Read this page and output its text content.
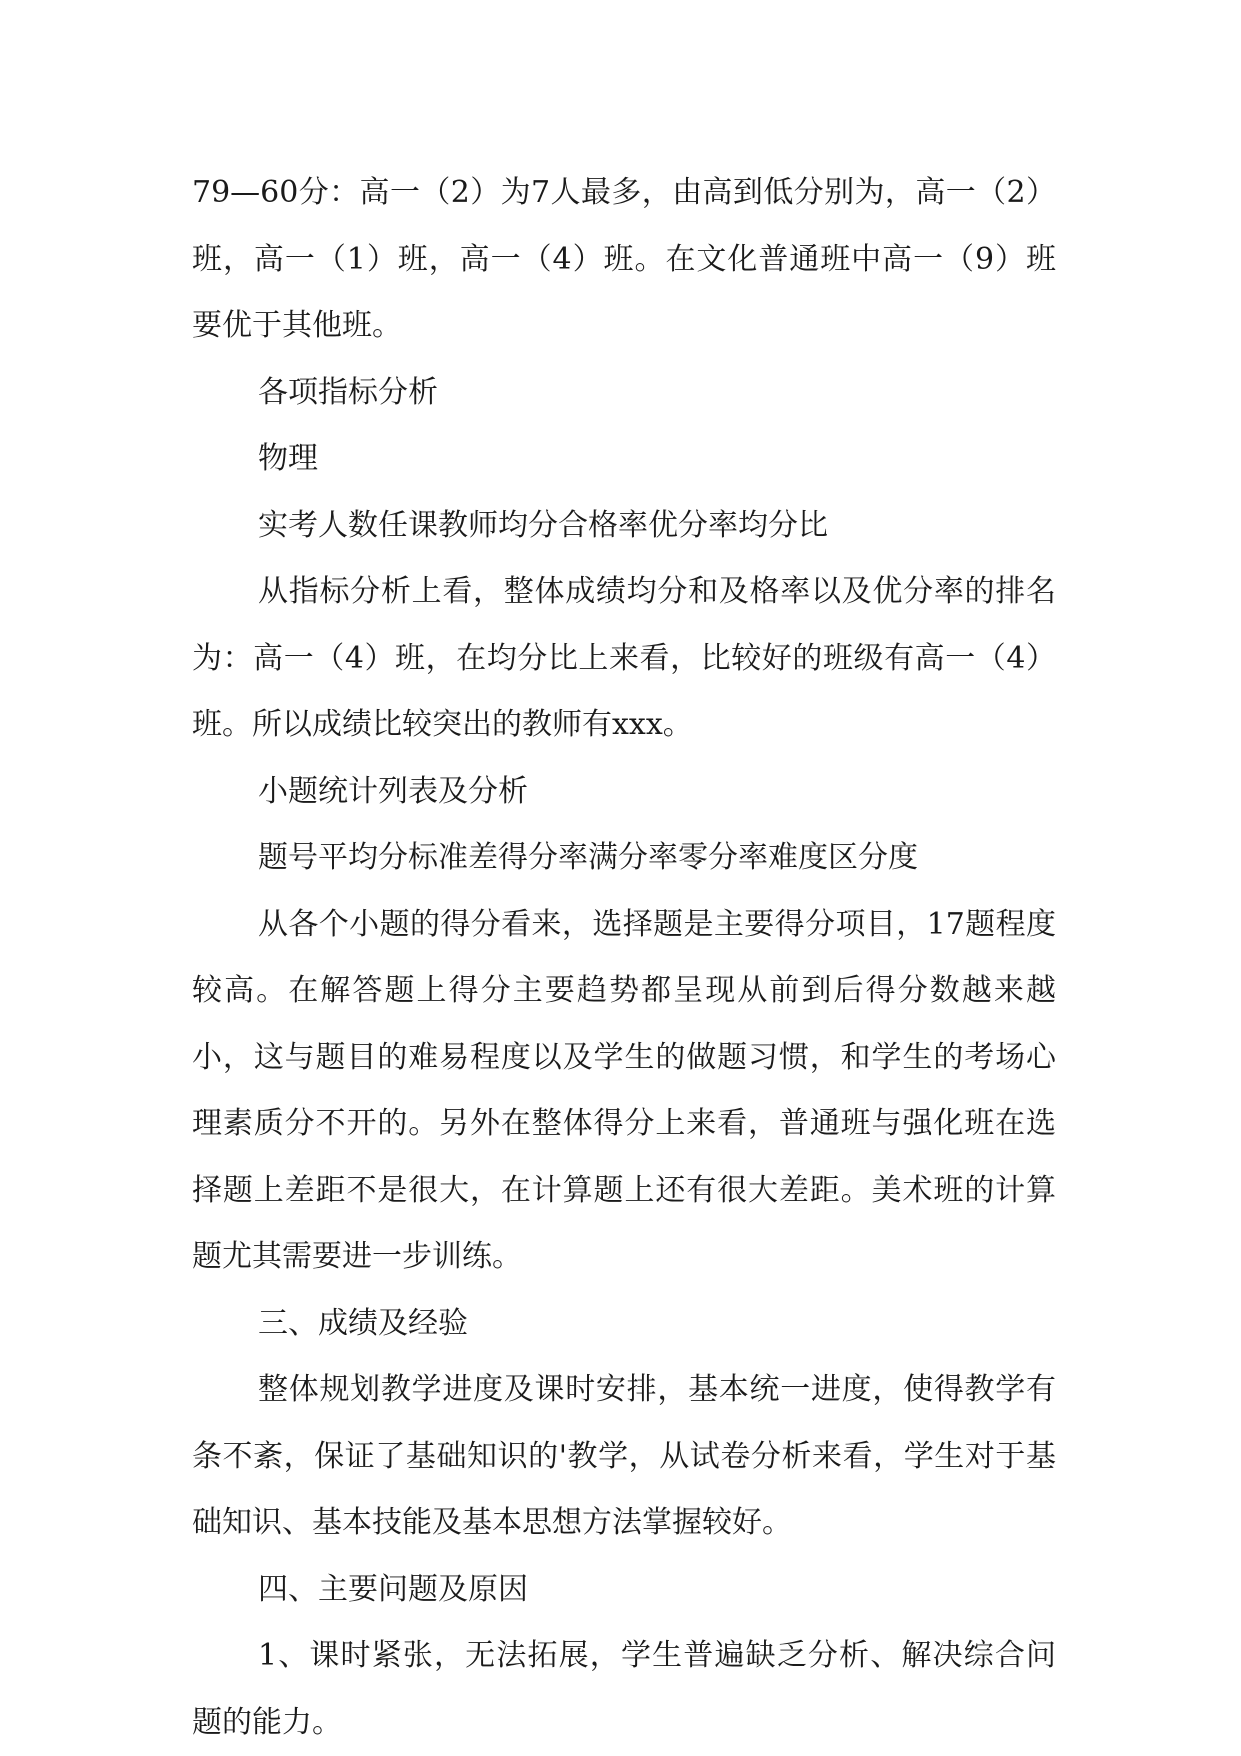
79—60分：高一（2）为7人最多，由高到低分别为，高一（2）班，高一（1）班，高一（4）班。在文化普通班中高一（9）班要优于其他班。

各项指标分析

物理

实考人数任课教师均分合格率优分率均分比

从指标分析上看，整体成绩均分和及格率以及优分率的排名为：高一（4）班，在均分比上来看，比较好的班级有高一（4）班。所以成绩比较突出的教师有xxx。

小题统计列表及分析

题号平均分标准差得分率满分率零分率难度区分度

从各个小题的得分看来，选择题是主要得分项目，17题程度较高。在解答题上得分主要趋势都呈现从前到后得分数越来越小，这与题目的难易程度以及学生的做题习惯，和学生的考场心理素质分不开的。另外在整体得分上来看，普通班与强化班在选择题上差距不是很大，在计算题上还有很大差距。美术班的计算题尤其需要进一步训练。

三、成绩及经验

整体规划教学进度及课时安排，基本统一进度，使得教学有条不紊，保证了基础知识的'教学，从试卷分析来看，学生对于基础知识、基本技能及基本思想方法掌握较好。

四、主要问题及原因

1、课时紧张，无法拓展，学生普遍缺乏分析、解决综合问题的能力。
